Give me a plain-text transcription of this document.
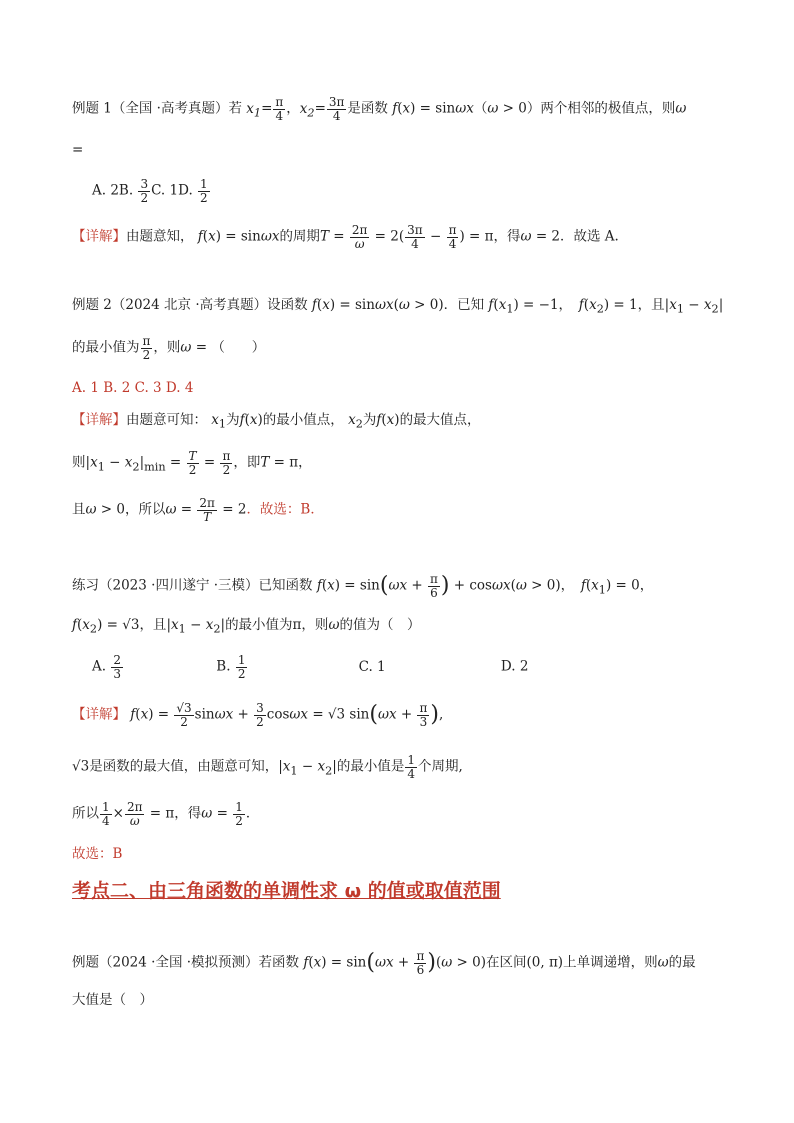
例题 1（全国 ·高考真题）若 $x_1= \frac{\pi}{4}$ ，$x_2= \frac{3\pi}{4}$ 是函数 f(x) = sinωx（ω > 0）两个相邻的极值点，则ω
=
A. 2B. $\frac{3}{2} C$. 1D. $\frac{1}{2}$
【详解】由题意知， f(x) = sinωx的周期$T = \frac{2\pi}{\omega} = 2( \frac{3\pi}{4} - \frac{\pi}{4}$ ) = π，得ω = 2．故选 A.
例题 2（2024 北京 ·高考真题）设函数 f(x) = sinωx(ω > 0)．已知 $f(x_1) = -1$，　$f(x_2) = 1$，且$|x_1 - x_2|$
的最小值为 $\frac{\pi}{2}$ ，则ω = （　　）
A. 1 B. 2 C. 3 D. 4
【详解】由题意可知： $x_1$为f(x)的最小值点， $x_2$为f(x)的最大值点，
则$|x_1 - x_2|_{min} = \frac{T}{2} = \frac{\pi}{2}$ ，即T = π，
且ω > 0，所以$\omega = \frac{2\pi}{T} = 2$．故选：B．
练习（2023 ·四川遂宁 ·三模）已知函数 $f(x) = \sin(\omega x + \frac{\pi}{6}$ ) + cosωx(ω > 0)，　$f(x_1) = 0$，
$f(x_2) = √3$，且$|x_1 - x_2|$的最小值为π，则ω的值为（　）
A. $\frac{2}{3}$	B. $\frac{1}{2}$	C. 1	D. 2
【详解】 $f(x) = \frac{√3}{2}$ $\sin\omega x + \frac{3}{2}$ cosωx = √3 $\sin(\omega x + \frac{\pi}{3}$ ),
√3是函数的最大值，由题意可知，$|x_1 - x_2|$的最小值是 $\frac{1}{4}$ 个周期,
所以 $\frac{1}{4} \times \frac{2\pi}{\omega} = \pi$，得$\omega = \frac{1}{2}$ ．
故选：B
考点二、由三角函数的单调性求 ω 的值或取值范围
例题（2024 ·全国 ·模拟预测）若函数 $f(x) = \sin(\omega x + \frac{\pi}{6} )(\omega > 0)$在区间(0, π)上单调递增，则ω的最
大值是（　）
